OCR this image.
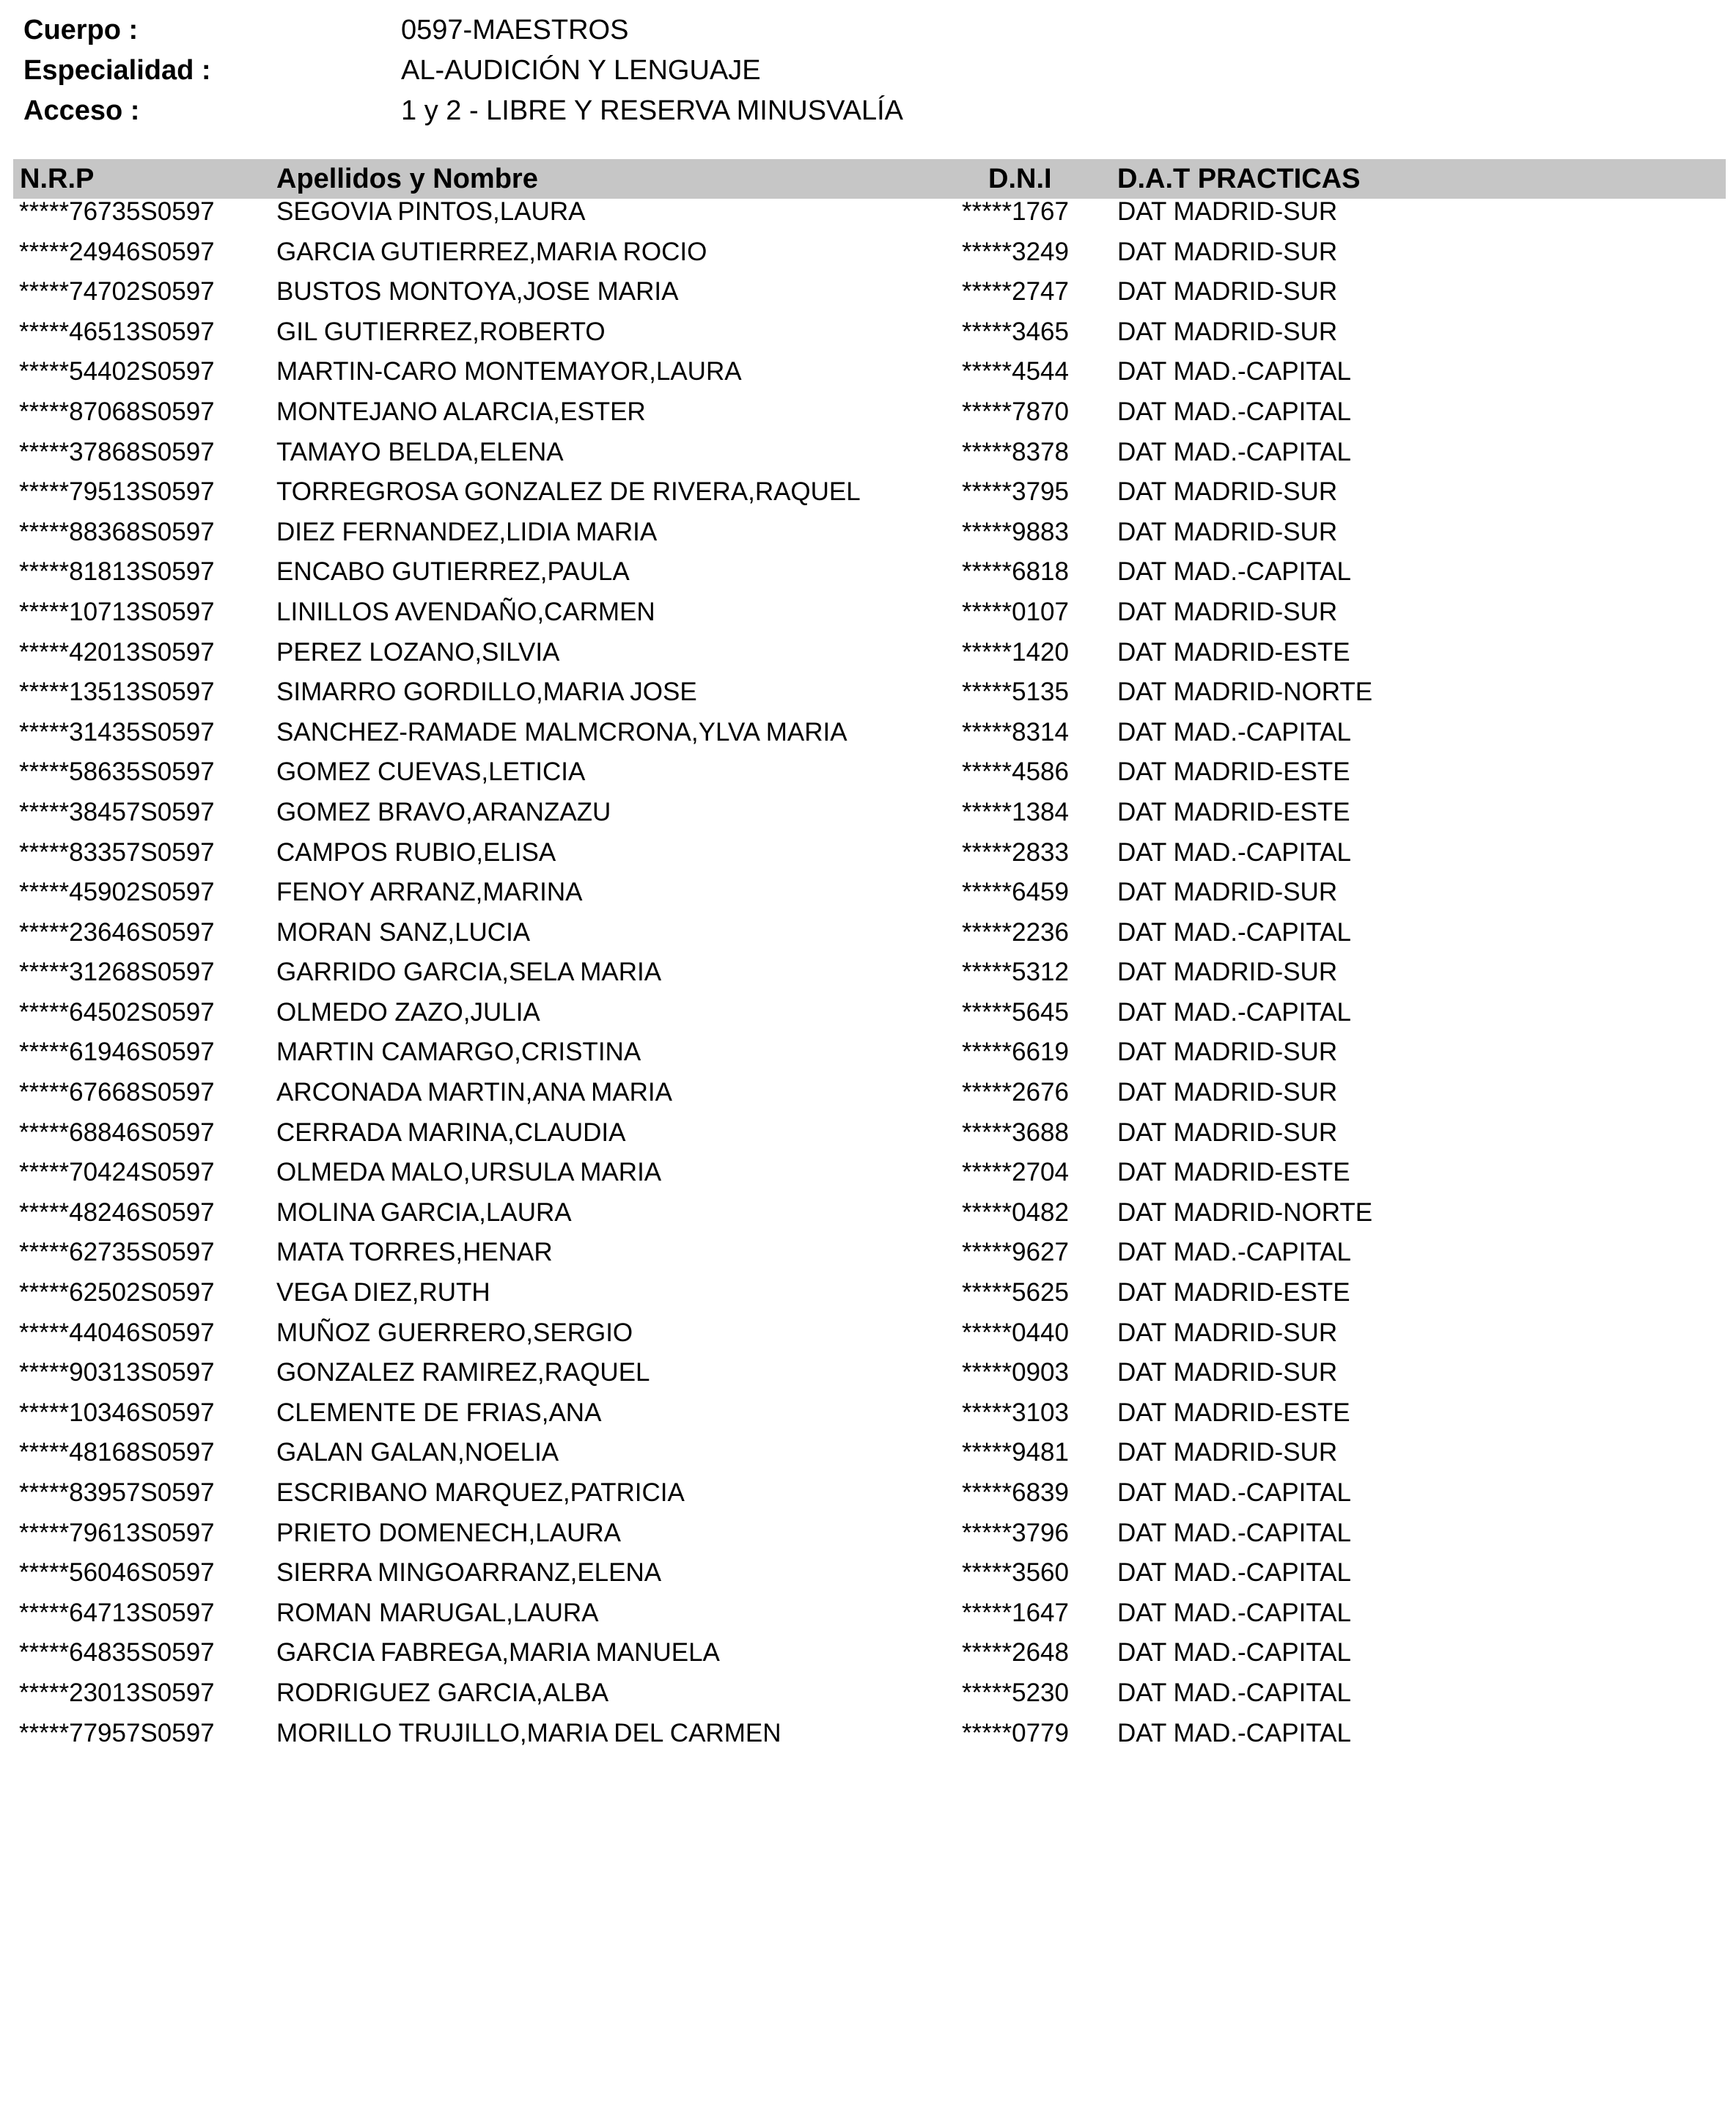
Cuerpo :	0597-MAESTROS
Especialidad :	AL-AUDICIÓN Y LENGUAJE
Acceso :	1 y 2 - LIBRE Y RESERVA MINUSVALÍA
N.R.P	Apellidos y Nombre	D.N.I D.A.T PRACTICAS
*****76735S0597 SEGOVIA PINTOS,LAURA	*****1767 DAT MADRID-SUR
*****24946S0597 GARCIA GUTIERREZ,MARIA ROCIO	*****3249 DAT MADRID-SUR
*****74702S0597 BUSTOS MONTOYA,JOSE MARIA	*****2747 DAT MADRID-SUR
*****46513S0597 GIL GUTIERREZ,ROBERTO	*****3465 DAT MADRID-SUR
*****54402S0597 MARTIN-CARO MONTEMAYOR,LAURA	*****4544 DAT MAD.-CAPITAL
*****87068S0597 MONTEJANO ALARCIA,ESTER	*****7870 DAT MAD.-CAPITAL
*****37868S0597 TAMAYO BELDA,ELENA	*****8378 DAT MAD.-CAPITAL
*****79513S0597 TORREGROSA GONZALEZ DE RIVERA,RAQUEL	*****3795 DAT MADRID-SUR
*****88368S0597 DIEZ FERNANDEZ,LIDIA MARIA	*****9883 DAT MADRID-SUR
*****81813S0597 ENCABO GUTIERREZ,PAULA	*****6818 DAT MAD.-CAPITAL
*****10713S0597 LINILLOS AVENDAÑO,CARMEN	*****0107 DAT MADRID-SUR
*****42013S0597 PEREZ LOZANO,SILVIA	*****1420 DAT MADRID-ESTE
*****13513S0597 SIMARRO GORDILLO,MARIA JOSE	*****5135 DAT MADRID-NORTE
*****31435S0597 SANCHEZ-RAMADE MALMCRONA,YLVA MARIA	*****8314 DAT MAD.-CAPITAL
*****58635S0597 GOMEZ CUEVAS,LETICIA	*****4586 DAT MADRID-ESTE
*****38457S0597 GOMEZ BRAVO,ARANZAZU	*****1384 DAT MADRID-ESTE
*****83357S0597 CAMPOS RUBIO,ELISA	*****2833 DAT MAD.-CAPITAL
*****45902S0597 FENOY ARRANZ,MARINA	*****6459 DAT MADRID-SUR
*****23646S0597 MORAN SANZ,LUCIA	*****2236 DAT MAD.-CAPITAL
*****31268S0597 GARRIDO GARCIA,SELA MARIA	*****5312 DAT MADRID-SUR
*****64502S0597 OLMEDO ZAZO,JULIA	*****5645 DAT MAD.-CAPITAL
*****61946S0597 MARTIN CAMARGO,CRISTINA	*****6619 DAT MADRID-SUR
*****67668S0597 ARCONADA MARTIN,ANA MARIA	*****2676 DAT MADRID-SUR
*****68846S0597 CERRADA MARINA,CLAUDIA	*****3688 DAT MADRID-SUR
*****70424S0597 OLMEDA MALO,URSULA MARIA	*****2704 DAT MADRID-ESTE
*****48246S0597 MOLINA GARCIA,LAURA	*****0482 DAT MADRID-NORTE
*****62735S0597 MATA TORRES,HENAR	*****9627 DAT MAD.-CAPITAL
*****62502S0597 VEGA DIEZ,RUTH	*****5625 DAT MADRID-ESTE
*****44046S0597 MUÑOZ GUERRERO,SERGIO	*****0440 DAT MADRID-SUR
*****90313S0597 GONZALEZ RAMIREZ,RAQUEL	*****0903 DAT MADRID-SUR
*****10346S0597 CLEMENTE DE FRIAS,ANA	*****3103 DAT MADRID-ESTE
*****48168S0597 GALAN GALAN,NOELIA	*****9481 DAT MADRID-SUR
*****83957S0597 ESCRIBANO MARQUEZ,PATRICIA	*****6839 DAT MAD.-CAPITAL
*****79613S0597 PRIETO DOMENECH,LAURA	*****3796 DAT MAD.-CAPITAL
*****56046S0597 SIERRA MINGOARRANZ,ELENA	*****3560 DAT MAD.-CAPITAL
*****64713S0597 ROMAN MARUGAL,LAURA	*****1647 DAT MAD.-CAPITAL
*****64835S0597 GARCIA FABREGA,MARIA MANUELA	*****2648 DAT MAD.-CAPITAL
*****23013S0597 RODRIGUEZ GARCIA,ALBA	*****5230 DAT MAD.-CAPITAL
*****77957S0597 MORILLO TRUJILLO,MARIA DEL CARMEN	*****0779 DAT MAD.-CAPITAL
